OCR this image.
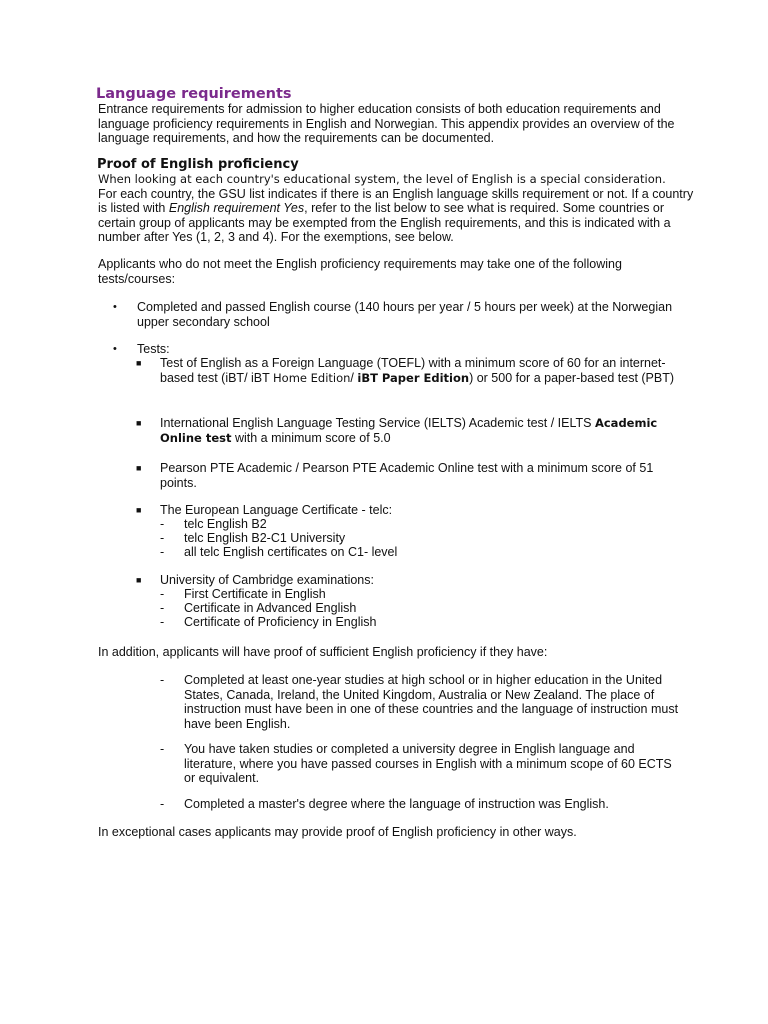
Language requirements

Entrance requirements for admission to higher education consists of both education requirements and language proficiency requirements in English and Norwegian. This appendix provides an overview of the language requirements, and how the requirements can be documented.

Proof of English proficiency

When looking at each country's educational system, the level of English is a special consideration.
For each country, the GSU list indicates if there is an English language skills requirement or not. If a country is listed with English requirement Yes, refer to the list below to see what is required. Some countries or certain group of applicants may be exempted from the English requirements, and this is indicated with a number after Yes (1, 2, 3 and 4). For the exemptions, see below.

Applicants who do not meet the English proficiency requirements may take one of the following tests/courses:

• Completed and passed English course (140 hours per year / 5 hours per week) at the Norwegian upper secondary school

• Tests:

■ Test of English as a Foreign Language (TOEFL) with a minimum score of 60 for an internet-based test (iBT/ iBT Home Edition/ iBT Paper Edition) or 500 for a paper-based test (PBT)

■ International English Language Testing Service (IELTS) Academic test / IELTS Academic Online test with a minimum score of 5.0

■ Pearson PTE Academic / Pearson PTE Academic Online test with a minimum score of 51 points.

■ The European Language Certificate - telc:

- telc English B2

- telc English B2-C1 University

- all telc English certificates on C1- level

■ University of Cambridge examinations:

- First Certificate in English

- Certificate in Advanced English

- Certificate of Proficiency in English

In addition, applicants will have proof of sufficient English proficiency if they have:

- Completed at least one-year studies at high school or in higher education in the United States, Canada, Ireland, the United Kingdom, Australia or New Zealand. The place of instruction must have been in one of these countries and the language of instruction must have been English.

- You have taken studies or completed a university degree in English language and literature, where you have passed courses in English with a minimum scope of 60 ECTS or equivalent.

- Completed a master's degree where the language of instruction was English.

In exceptional cases applicants may provide proof of English proficiency in other ways.
